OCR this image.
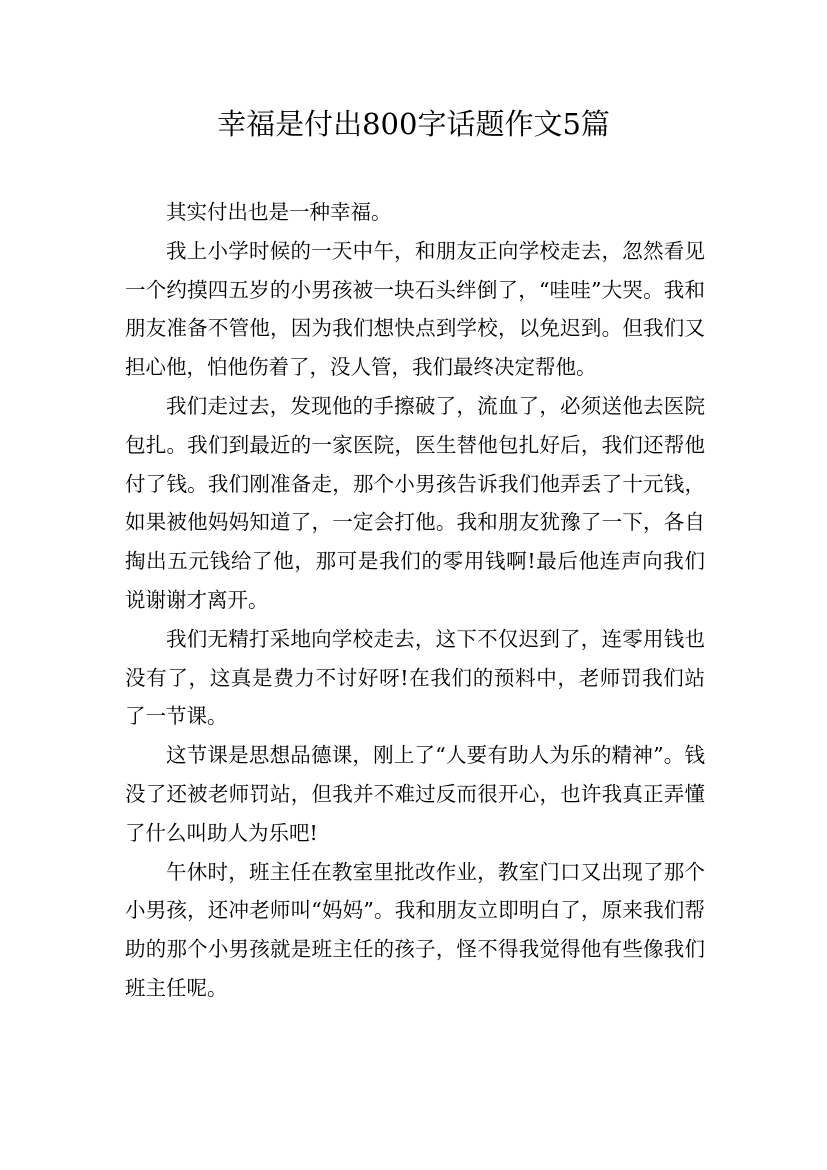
幸福是付出800字话题作文5篇

其实付出也是一种幸福。

我上小学时候的一天中午，和朋友正向学校走去，忽然看见一个约摸四五岁的小男孩被一块石头绊倒了，“哇哇”大哭。我和朋友准备不管他，因为我们想快点到学校，以免迟到。但我们又担心他，怕他伤着了，没人管，我们最终决定帮他。

我们走过去，发现他的手擦破了，流血了，必须送他去医院包扎。我们到最近的一家医院，医生替他包扎好后，我们还帮他付了钱。我们刚准备走，那个小男孩告诉我们他弄丢了十元钱，如果被他妈妈知道了，一定会打他。我和朋友犹豫了一下，各自掏出五元钱给了他，那可是我们的零用钱啊!最后他连声向我们说谢谢才离开。

我们无精打采地向学校走去，这下不仅迟到了，连零用钱也没有了，这真是费力不讨好呀!在我们的预料中，老师罚我们站了一节课。

这节课是思想品德课，刚上了“人要有助人为乐的精神”。钱没了还被老师罚站，但我并不难过反而很开心，也许我真正弄懂了什么叫助人为乐吧!

午休时，班主任在教室里批改作业，教室门口又出现了那个小男孩，还冲老师叫“妈妈”。我和朋友立即明白了，原来我们帮助的那个小男孩就是班主任的孩子，怪不得我觉得他有些像我们班主任呢。
